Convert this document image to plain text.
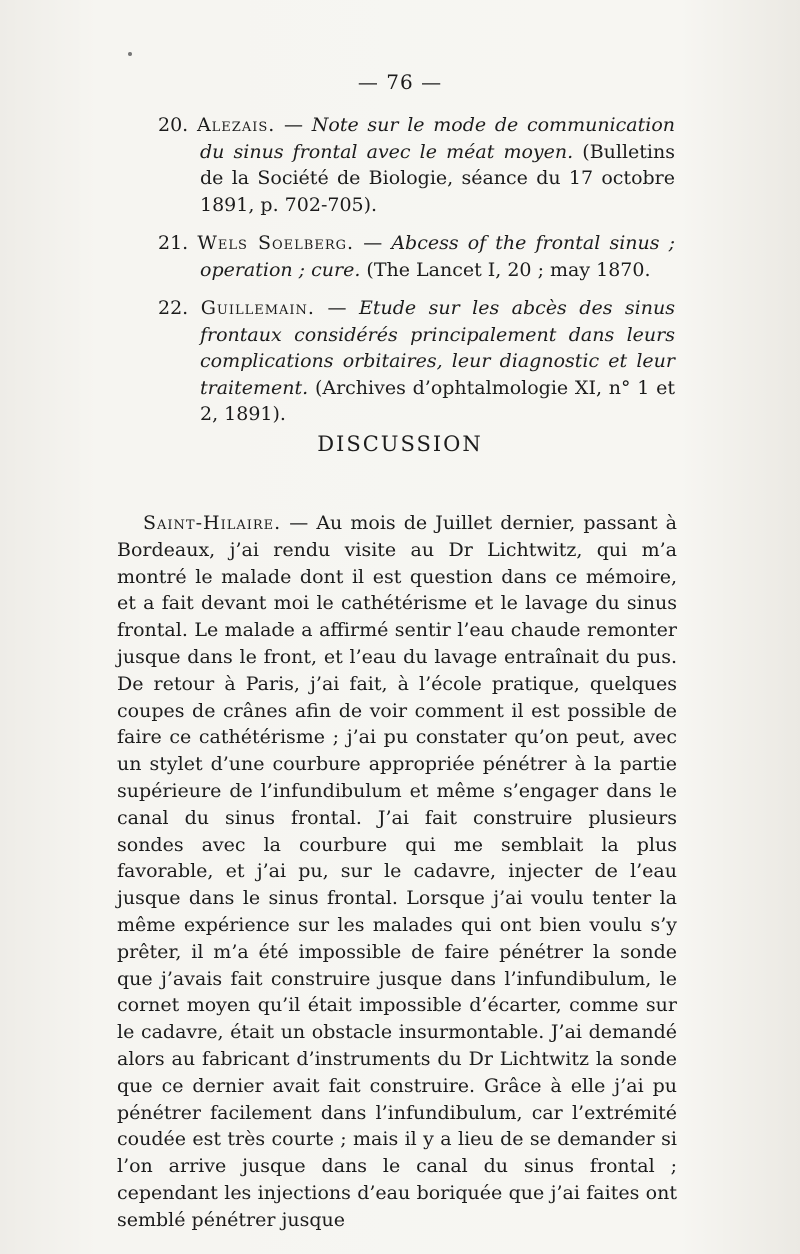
— 76 —
20. Alezais. — Note sur le mode de communication du sinus frontal avec le méat moyen. (Bulletins de la Société de Biologie, séance du 17 octobre 1891, p. 702-705).
21. Wels Soelberg. — Abcess of the frontal sinus ; operation ; cure. (The Lancet I, 20 ; may 1870.
22. Guillemain. — Etude sur les abcès des sinus frontaux considérés principalement dans leurs complications orbitaires, leur diagnostic et leur traitement. (Archives d’ophtalmologie XI, n° 1 et 2, 1891).
DISCUSSION
Saint-Hilaire. — Au mois de Juillet dernier, passant à Bordeaux, j’ai rendu visite au Dr Lichtwitz, qui m’a montré le malade dont il est question dans ce mémoire, et a fait devant moi le cathétérisme et le lavage du sinus frontal. Le malade a affirmé sentir l’eau chaude remonter jusque dans le front, et l’eau du lavage entraînait du pus. De retour à Paris, j’ai fait, à l’école pratique, quelques coupes de crânes afin de voir comment il est possible de faire ce cathétérisme ; j’ai pu constater qu’on peut, avec un stylet d’une courbure appropriée pénétrer à la partie supérieure de l’infundibulum et même s’engager dans le canal du sinus frontal. J’ai fait construire plusieurs sondes avec la courbure qui me semblait la plus favorable, et j’ai pu, sur le cadavre, injecter de l’eau jusque dans le sinus frontal. Lorsque j’ai voulu tenter la même expérience sur les malades qui ont bien voulu s’y prêter, il m’a été impossible de faire pénétrer la sonde que j’avais fait construire jusque dans l’infundibulum, le cornet moyen qu’il était impossible d’écarter, comme sur le cadavre, était un obstacle insurmontable. J’ai demandé alors au fabricant d’instruments du Dr Lichtwitz la sonde que ce dernier avait fait construire. Grâce à elle j’ai pu pénétrer facilement dans l’infundibulum, car l’extrémité coudée est très courte ; mais il y a lieu de se demander si l’on arrive jusque dans le canal du sinus frontal ; cependant les injections d’eau boriquée que j’ai faites ont semblé pénétrer jusque
